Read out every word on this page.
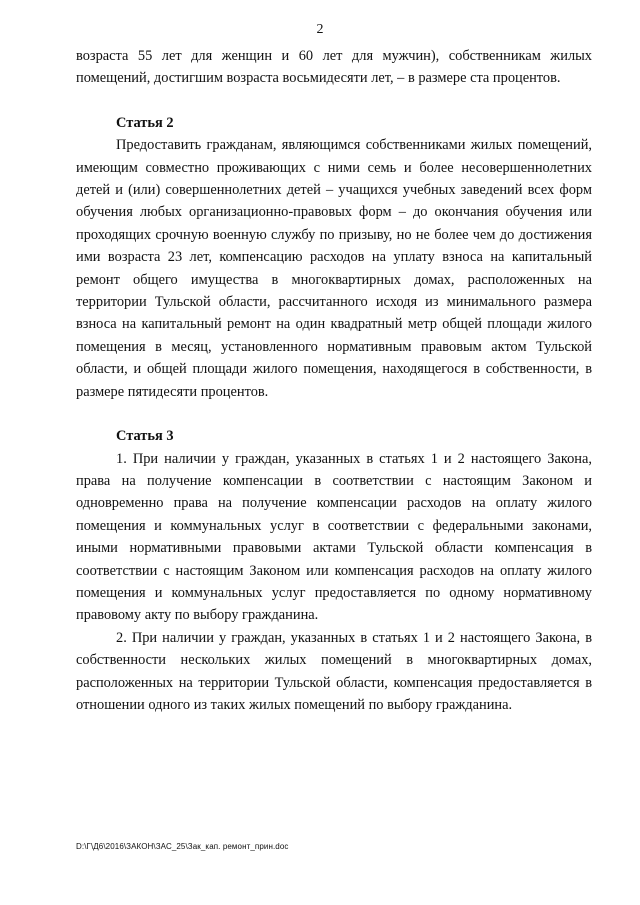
2

возраста 55 лет для женщин и 60 лет для мужчин), собственникам жилых помещений, достигшим возраста восьмидесяти лет, – в размере ста процентов.

Статья 2

Предоставить гражданам, являющимся собственниками жилых помещений, имеющим совместно проживающих с ними семь и более несовершеннолетних детей и (или) совершеннолетних детей – учащихся учебных заведений всех форм обучения любых организационно-правовых форм – до окончания обучения или проходящих срочную военную службу по призыву, но не более чем до достижения ими возраста 23 лет, компенсацию расходов на уплату взноса на капитальный ремонт общего имущества в многоквартирных домах, расположенных на территории Тульской области, рассчитанного исходя из минимального размера взноса на капитальный ремонт на один квадратный метр общей площади жилого помещения в месяц, установленного нормативным правовым актом Тульской области, и общей площади жилого помещения, находящегося в собственности, в размере пятидесяти процентов.

Статья 3

1. При наличии у граждан, указанных в статьях 1 и 2 настоящего Закона, права на получение компенсации в соответствии с настоящим Законом и одновременно права на получение компенсации расходов на оплату жилого помещения и коммунальных услуг в соответствии с федеральными законами, иными нормативными правовыми актами Тульской области компенсация в соответствии с настоящим Законом или компенсация расходов на оплату жилого помещения и коммунальных услуг предоставляется по одному нормативному правовому акту по выбору гражданина.

2. При наличии у граждан, указанных в статьях 1 и 2 настоящего Закона, в собственности нескольких жилых помещений в многоквартирных домах, расположенных на территории Тульской области, компенсация предоставляется в отношении одного из таких жилых помещений по выбору гражданина.

D:\Г\Д6\2016\ЗАКОН\ЗАС_25\Зак_кап. ремонт_прин.doc
